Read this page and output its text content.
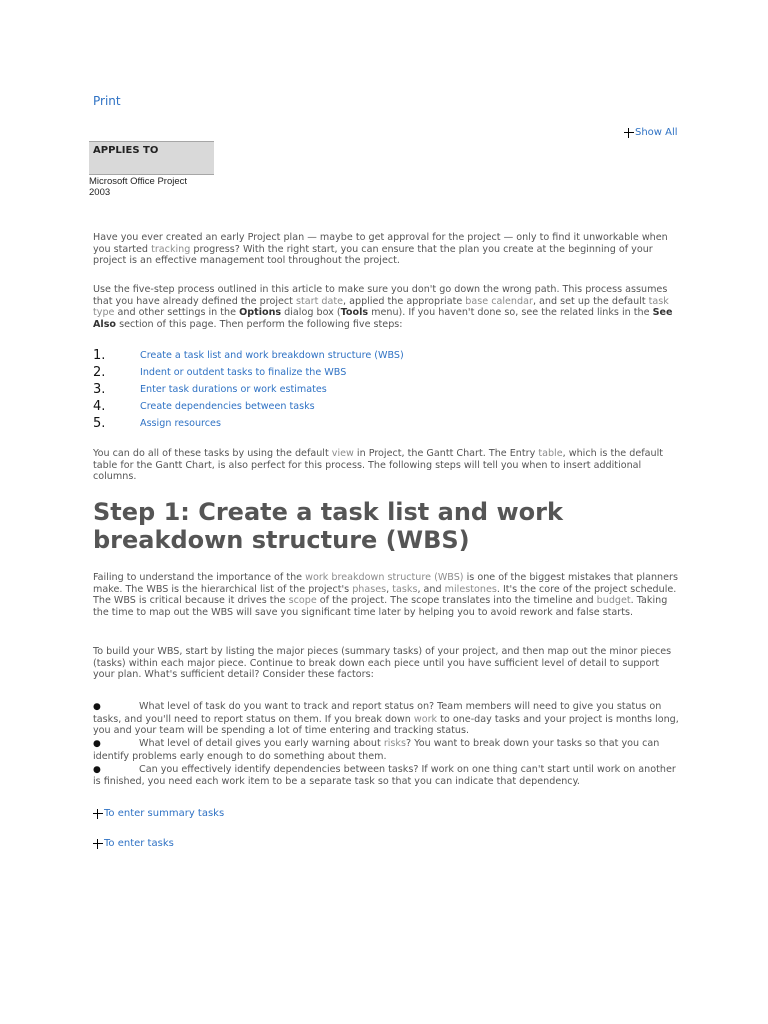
Print
Show All
APPLIES TO
Microsoft Office Project
2003

Have you ever created an early Project plan — maybe to get approval for the project — only to find it unworkable when you started tracking progress? With the right start, you can ensure that the plan you create at the beginning of your project is an effective management tool throughout the project.

Use the five-step process outlined in this article to make sure you don't go down the wrong path. This process assumes that you have already defined the project start date, applied the appropriate base calendar, and set up the default task type and other settings in the Options dialog box (Tools menu). If you haven't done so, see the related links in the See Also section of this page. Then perform the following five steps:

1.	Create a task list and work breakdown structure (WBS)
2.	Indent or outdent tasks to finalize the WBS
3.	Enter task durations or work estimates
4.	Create dependencies between tasks
5.	Assign resources

You can do all of these tasks by using the default view in Project, the Gantt Chart. The Entry table, which is the default table for the Gantt Chart, is also perfect for this process. The following steps will tell you when to insert additional columns.

Step 1: Create a task list and work breakdown structure (WBS)

Failing to understand the importance of the work breakdown structure (WBS) is one of the biggest mistakes that planners make. The WBS is the hierarchical list of the project's phases, tasks, and milestones. It's the core of the project schedule. The WBS is critical because it drives the scope of the project. The scope translates into the timeline and budget. Taking the time to map out the WBS will save you significant time later by helping you to avoid rework and false starts.

To build your WBS, start by listing the major pieces (summary tasks) of your project, and then map out the minor pieces (tasks) within each major piece. Continue to break down each piece until you have sufficient level of detail to support your plan. What's sufficient detail? Consider these factors:

●	What level of task do you want to track and report status on? Team members will need to give you status on tasks, and you'll need to report status on them. If you break down work to one-day tasks and your project is months long, you and your team will be spending a lot of time entering and tracking status.
●	What level of detail gives you early warning about risks? You want to break down your tasks so that you can identify problems early enough to do something about them.
●	Can you effectively identify dependencies between tasks? If work on one thing can't start until work on another is finished, you need each work item to be a separate task so that you can indicate that dependency.
To enter summary tasks
To enter tasks
